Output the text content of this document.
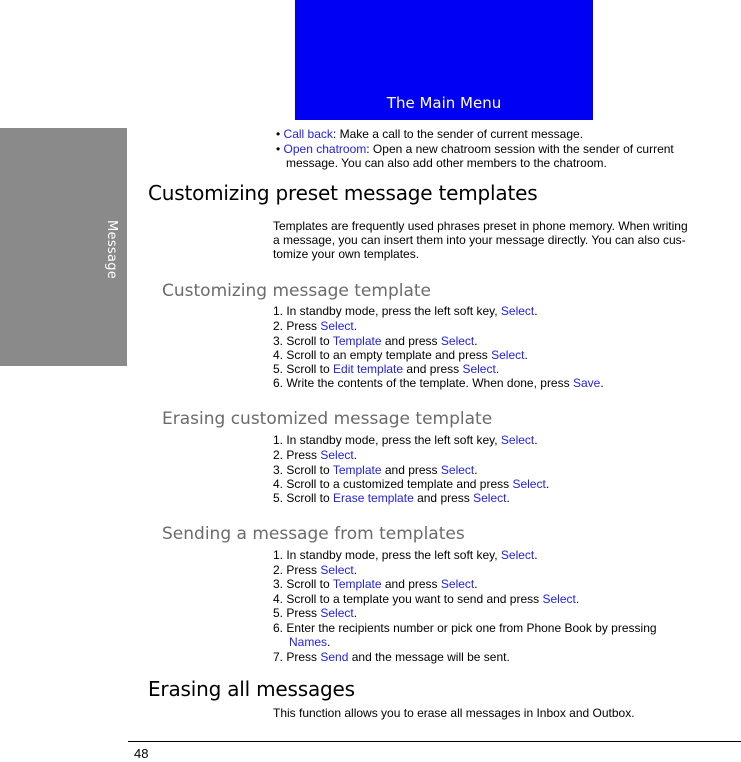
Message
The Main Menu
• Call back: Make a call to the sender of current message.
• Open chatroom: Open a new chatroom session with the sender of current
message. You can also add other members to the chatroom.
Customizing preset message templates
Templates are frequently used phrases preset in phone memory. When writing
a message, you can insert them into your message directly. You can also cus-
tomize your own templates.
Customizing message template
1. In standby mode, press the left soft key, Select.
2. Press Select.
3. Scroll to Template and press Select.
4. Scroll to an empty template and press Select.
5. Scroll to Edit template and press Select.
6. Write the contents of the template. When done, press Save.
Erasing customized message template
1. In standby mode, press the left soft key, Select.
2. Press Select.
3. Scroll to Template and press Select.
4. Scroll to a customized template and press Select.
5. Scroll to Erase template and press Select.
Sending a message from templates
1. In standby mode, press the left soft key, Select.
2. Press Select.
3. Scroll to Template and press Select.
4. Scroll to a template you want to send and press Select.
5. Press Select.
6. Enter the recipients number or pick one from Phone Book by pressing
Names.
7. Press Send and the message will be sent.
Erasing all messages
This function allows you to erase all messages in Inbox and Outbox.
48
